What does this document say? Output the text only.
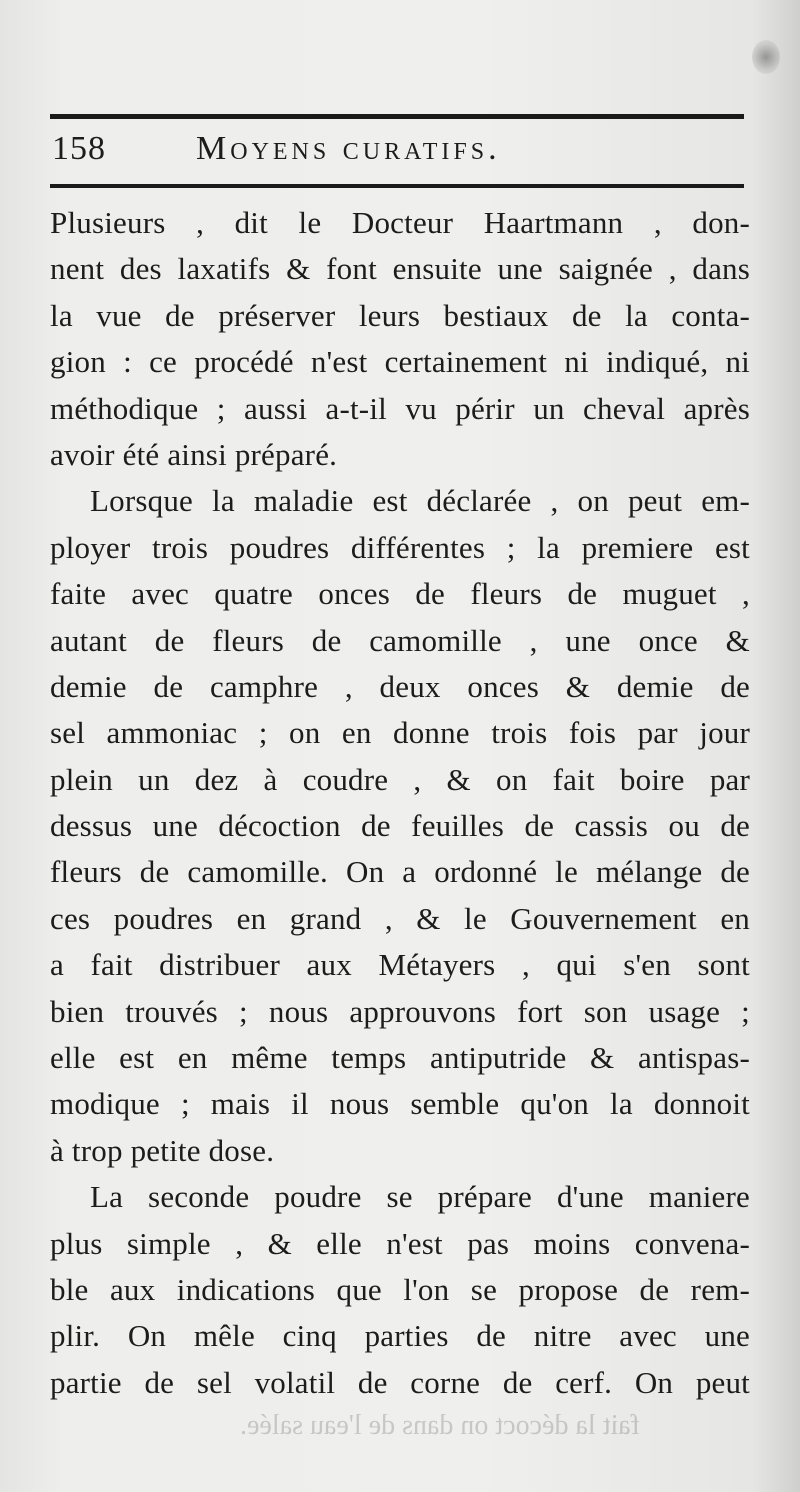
158	Moyens curatifs.
Plusieurs , dit le Docteur Haartmann , don-
nent des laxatifs & font ensuite une saignée , dans
la vue de préserver leurs bestiaux de la conta-
gion : ce procédé n'est certainement ni indiqué, ni
méthodique ; aussi a-t-il vu périr un cheval après
avoir été ainsi préparé.
Lorsque la maladie est déclarée , on peut em-
ployer trois poudres différentes ; la premiere est
faite avec quatre onces de fleurs de muguet ,
autant de fleurs de camomille , une once &
demie de camphre , deux onces & demie de
sel ammoniac ; on en donne trois fois par jour
plein un dez à coudre , & on fait boire par
dessus une décoction de feuilles de cassis ou de
fleurs de camomille. On a ordonné le mélange de
ces poudres en grand , & le Gouvernement en
a fait distribuer aux Métayers , qui s'en sont
bien trouvés ; nous approuvons fort son usage ;
elle est en même temps antiputride & antispas-
modique ; mais il nous semble qu'on la donnoit
à trop petite dose.
La seconde poudre se prépare d'une maniere
plus simple , & elle n'est pas moins convena-
ble aux indications que l'on se propose de rem-
plir. On mêle cinq parties de nitre avec une
partie de sel volatil de corne de cerf. On peut
fait la décoct on dans de l'eau salée.
